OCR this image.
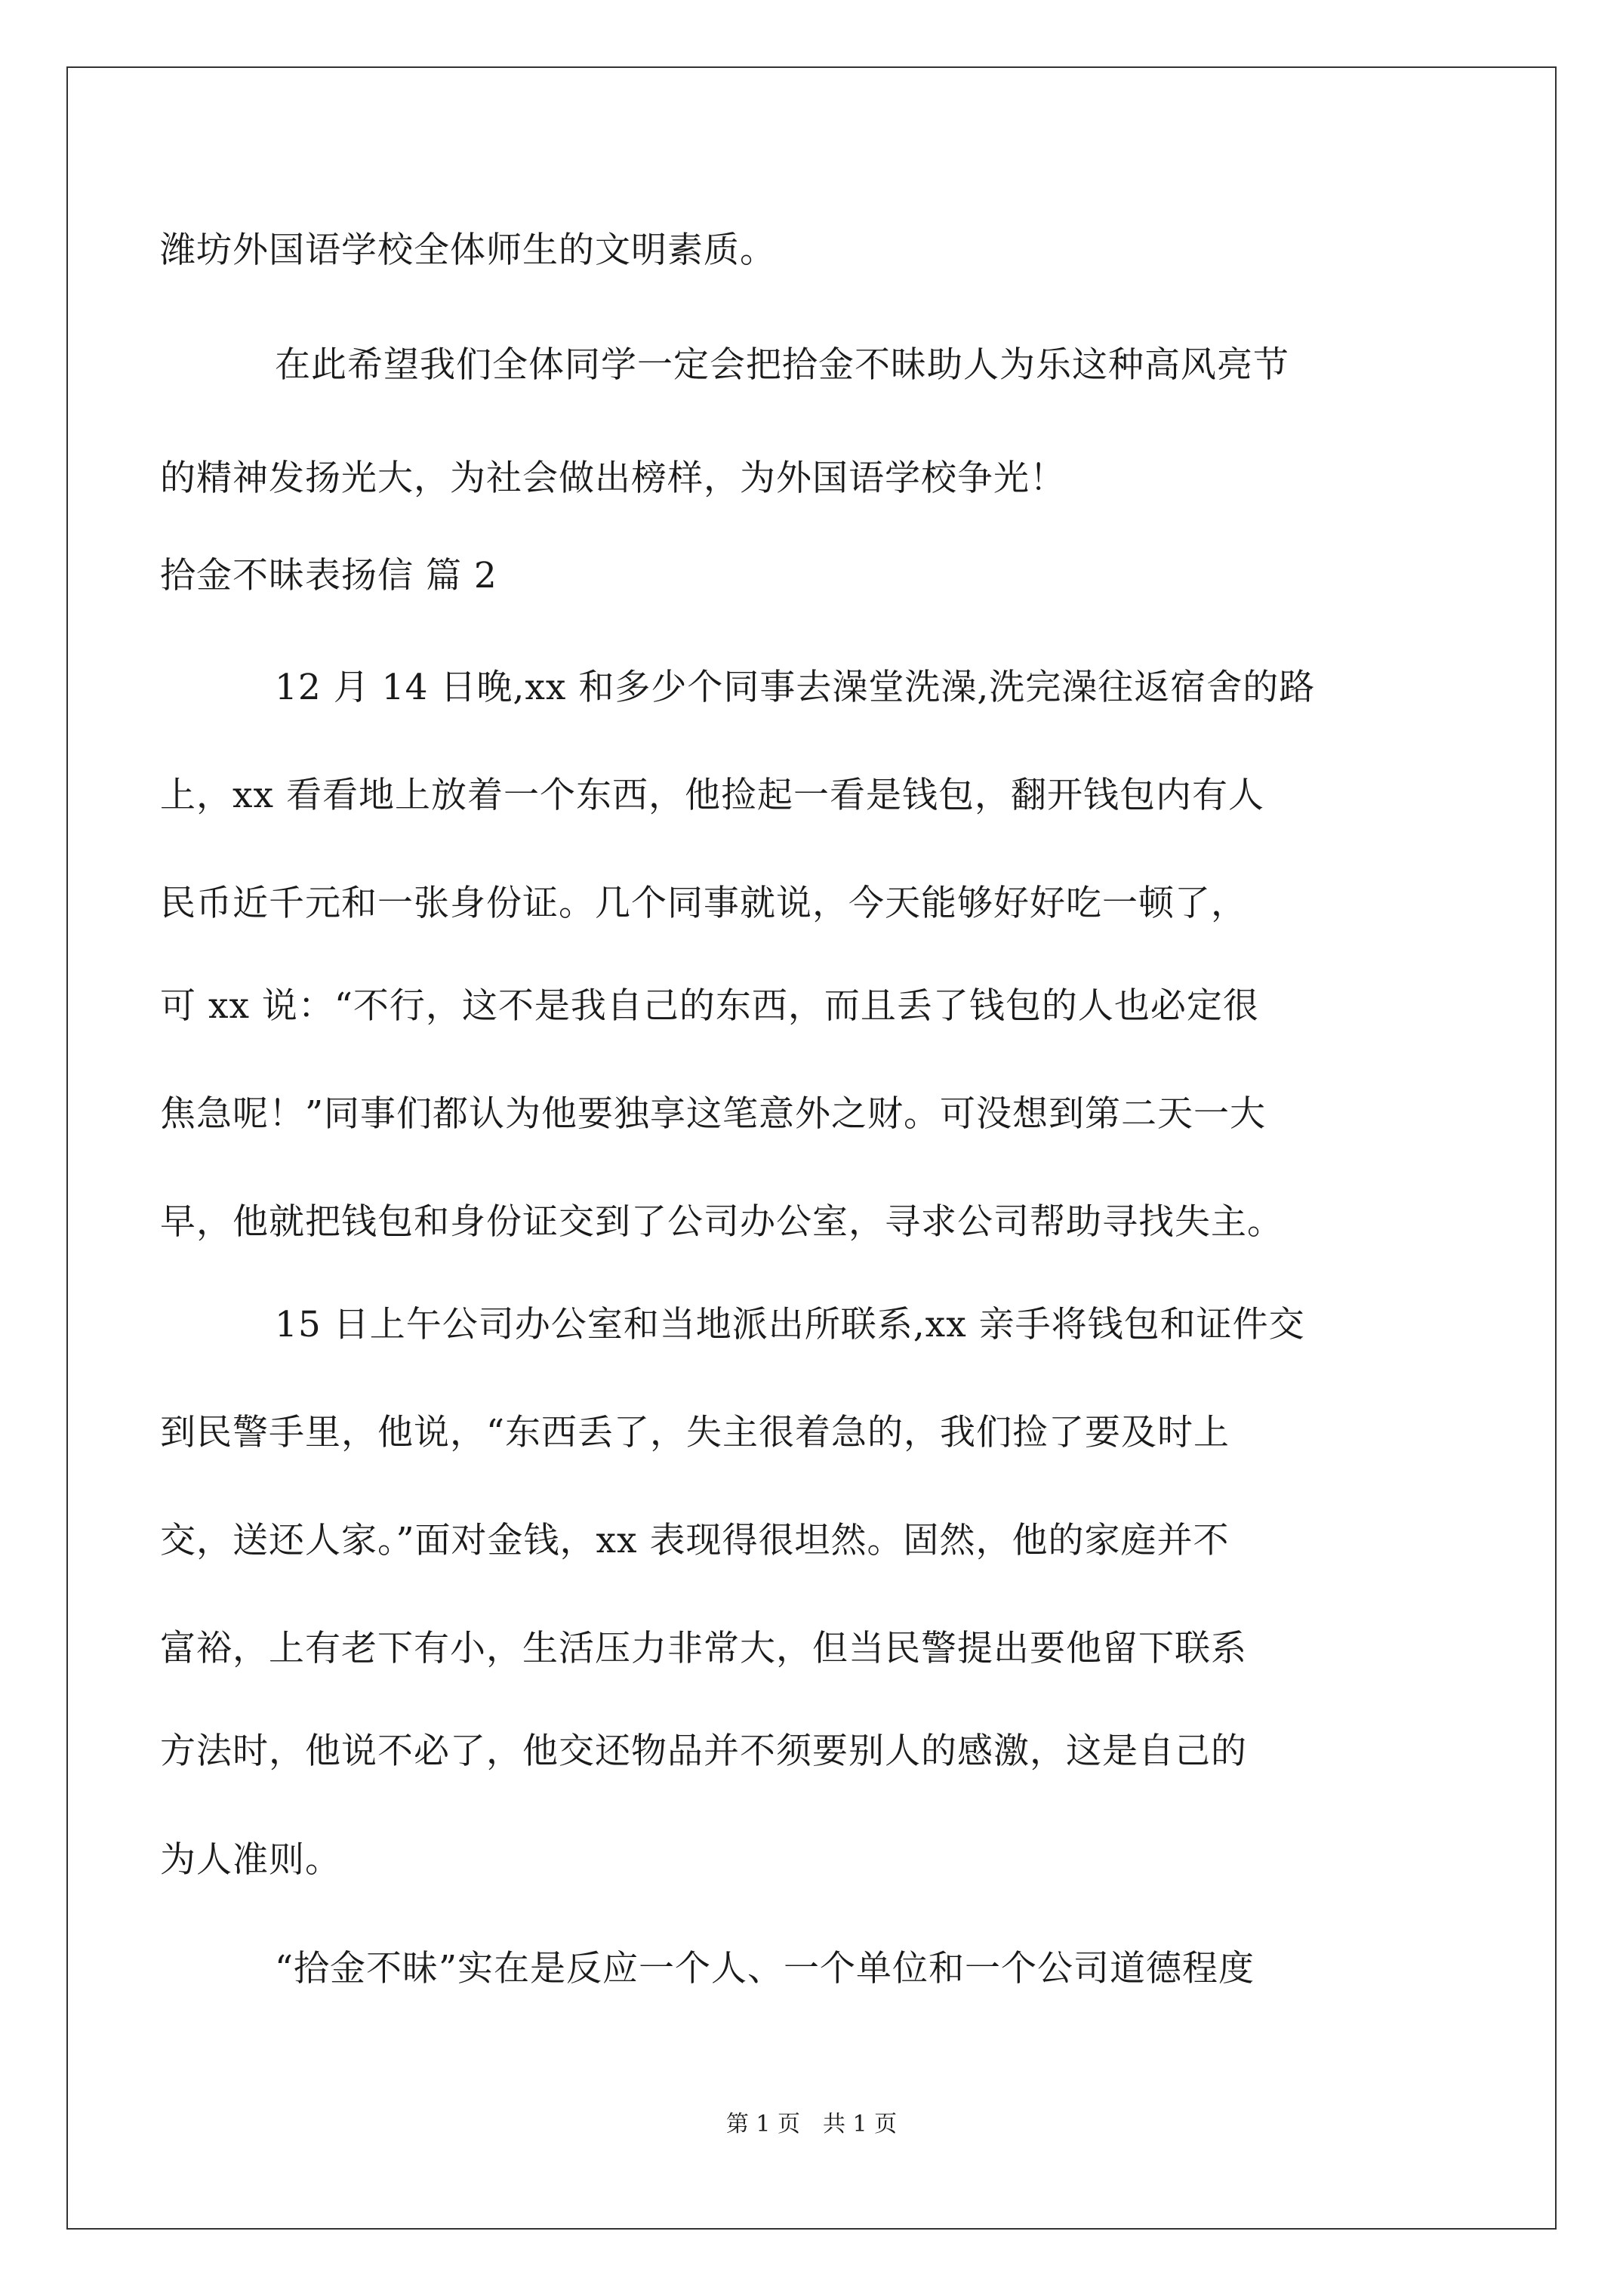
潍坊外国语学校全体师生的文明素质。
在此希望我们全体同学一定会把拾金不昧助人为乐这种高风亮节
的精神发扬光大，为社会做出榜样，为外国语学校争光！
拾金不昧表扬信 篇 2
12 月 14 日晚,xx 和多少个同事去澡堂洗澡,洗完澡往返宿舍的路
上，xx 看看地上放着一个东西，他捡起一看是钱包，翻开钱包内有人
民币近千元和一张身份证。几个同事就说，今天能够好好吃一顿了，
可 xx 说：“不行，这不是我自己的东西，而且丢了钱包的人也必定很
焦急呢！”同事们都认为他要独享这笔意外之财。可没想到第二天一大
早，他就把钱包和身份证交到了公司办公室，寻求公司帮助寻找失主。
15 日上午公司办公室和当地派出所联系,xx 亲手将钱包和证件交
到民警手里，他说，“东西丢了，失主很着急的，我们捡了要及时上
交，送还人家。”面对金钱，xx 表现得很坦然。固然，他的家庭并不
富裕，上有老下有小，生活压力非常大，但当民警提出要他留下联系
方法时，他说不必了，他交还物品并不须要别人的感激，这是自己的
为人准则。
“拾金不昧”实在是反应一个人、一个单位和一个公司道德程度
第 1 页　共 1 页
